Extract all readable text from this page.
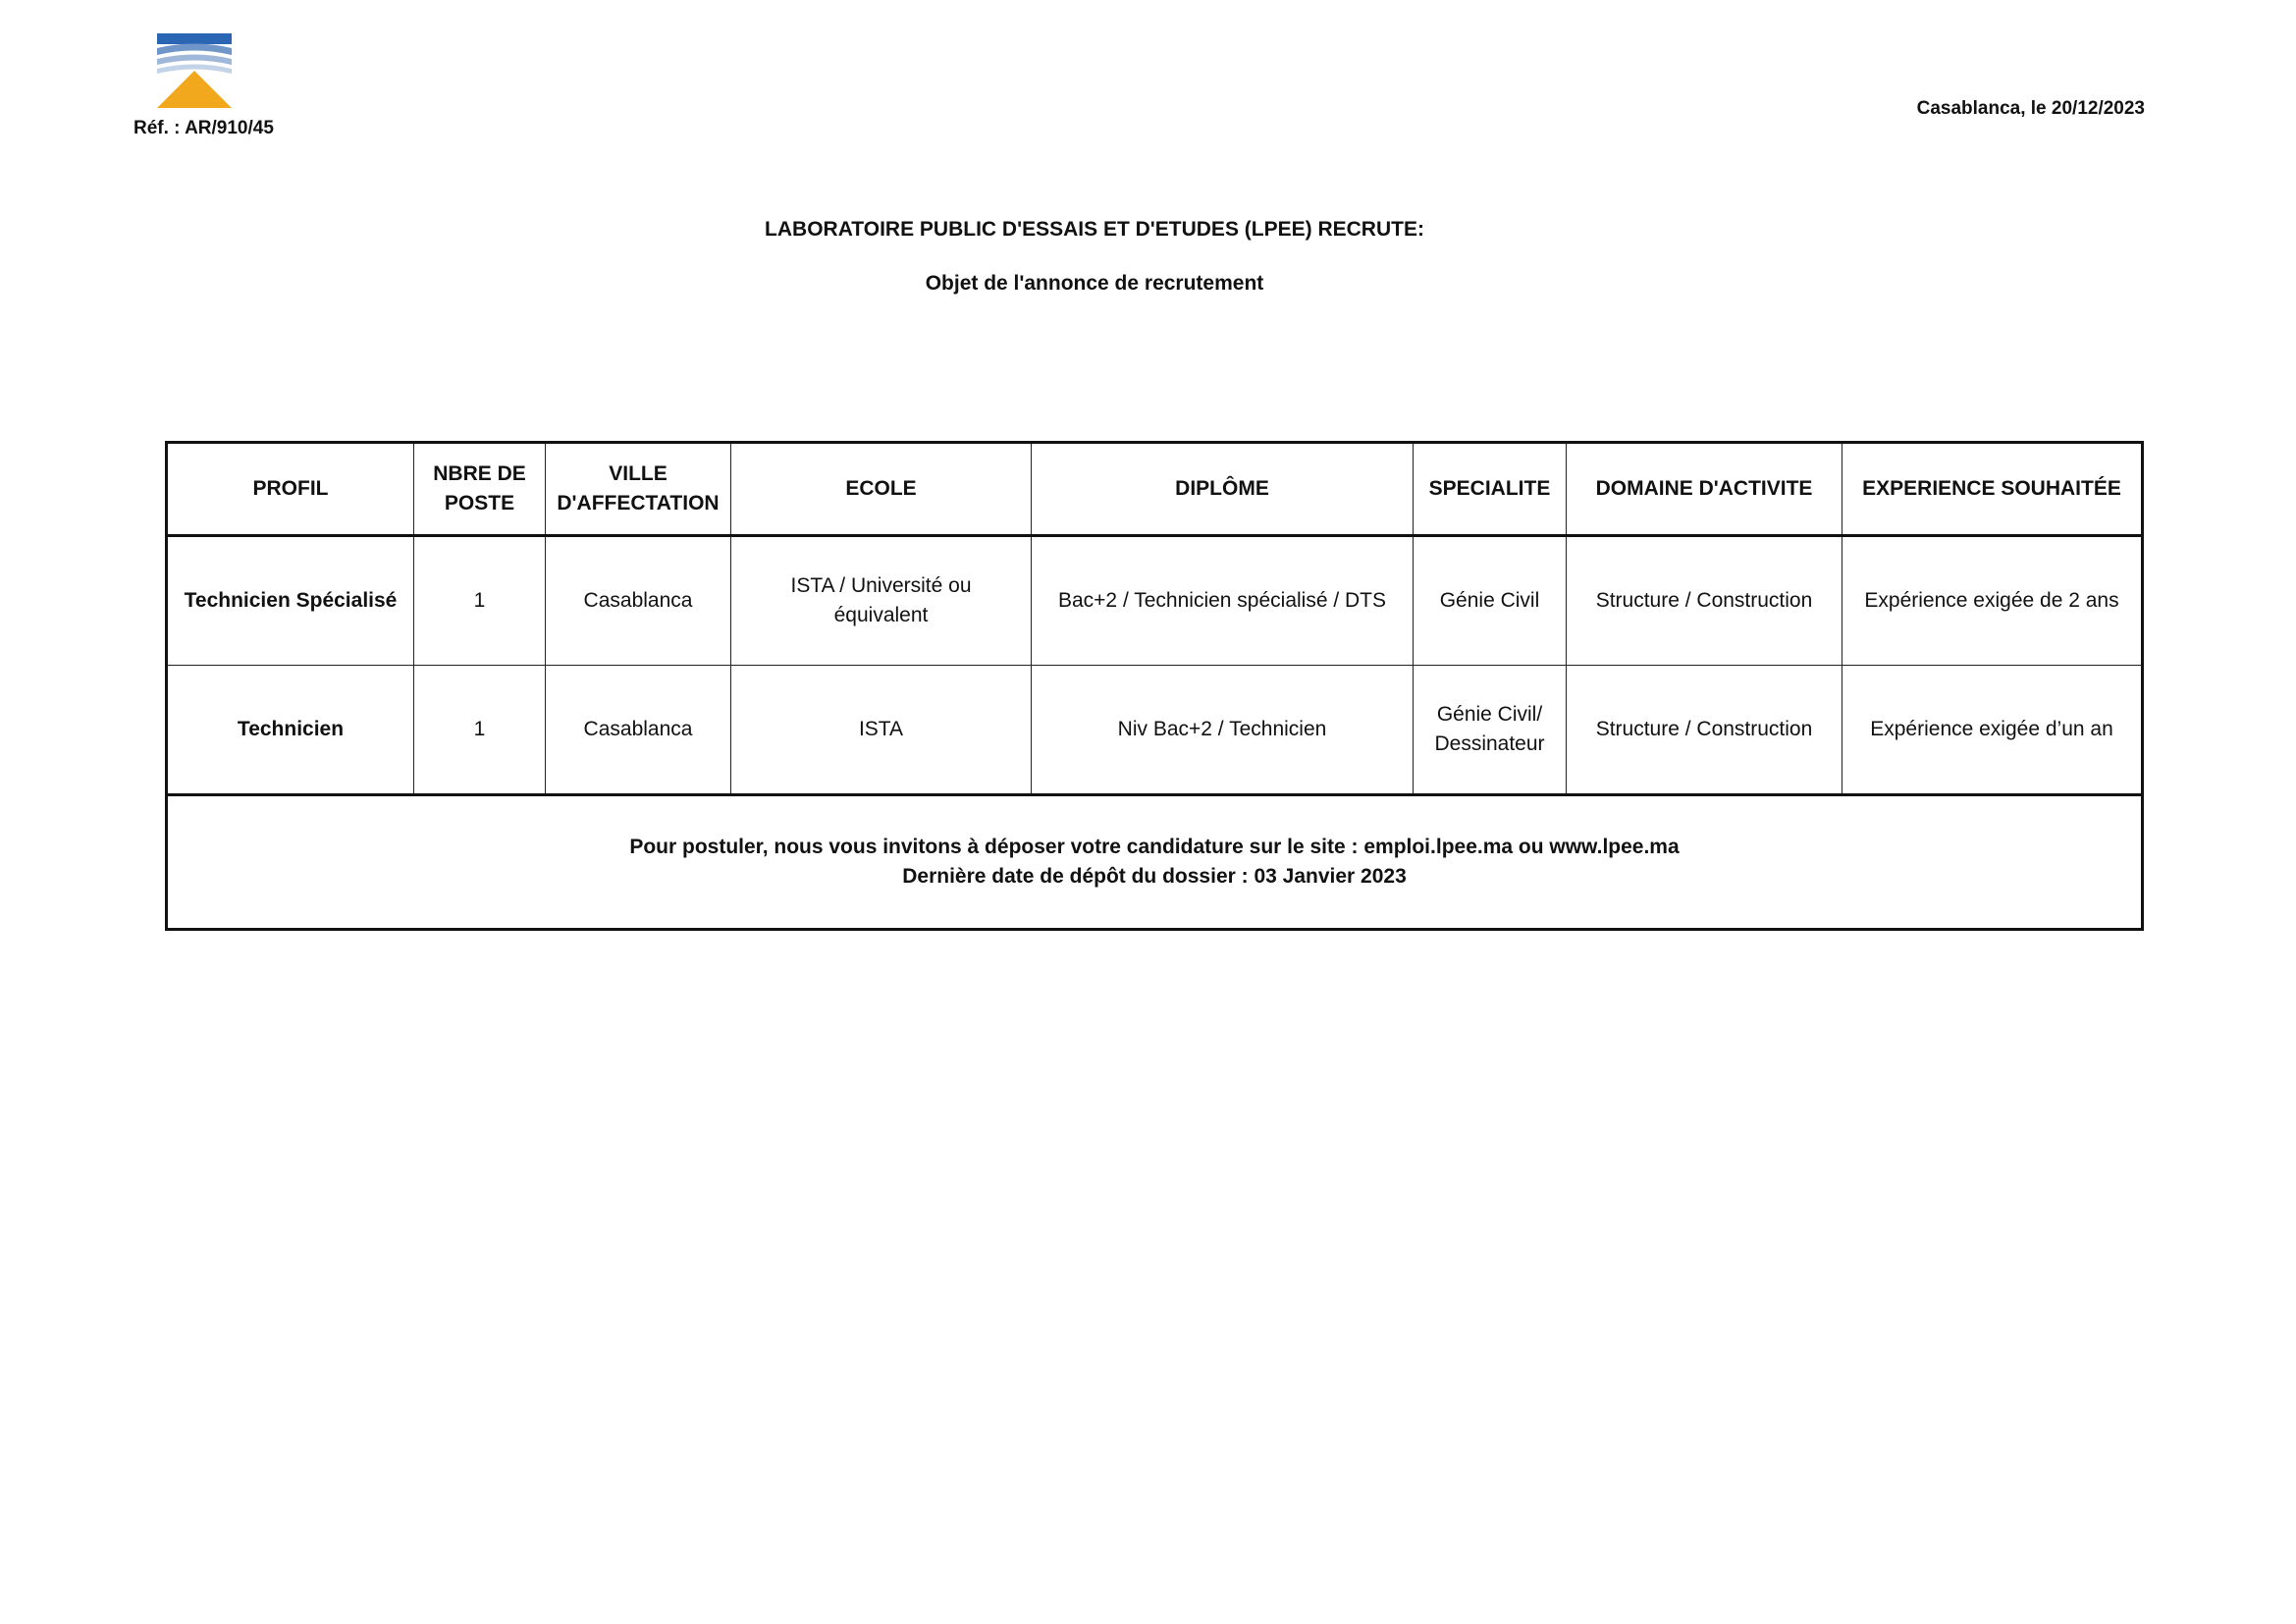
Réf. : AR/910/45
Casablanca, le 20/12/2023
LABORATOIRE PUBLIC D'ESSAIS ET D'ETUDES (LPEE) RECRUTE:
Objet de l'annonce de recrutement
PROFIL	NBRE DE POSTE	VILLE D'AFFECTATION	ECOLE	DIPLÔME	SPECIALITE	DOMAINE D'ACTIVITE	EXPERIENCE SOUHAITÉE
Technicien Spécialisé	1	Casablanca	ISTA / Université ou équivalent	Bac+2 / Technicien spécialisé / DTS	Génie Civil	Structure / Construction	Expérience exigée de 2 ans
Technicien	1	Casablanca	ISTA	Niv Bac+2 / Technicien	Génie Civil/ Dessinateur	Structure / Construction	Expérience exigée d’un an

Pour postuler, nous vous invitons à déposer votre candidature sur le site : emploi.lpee.ma ou www.lpee.ma
Dernière date de dépôt du dossier : 03 Janvier 2023							
